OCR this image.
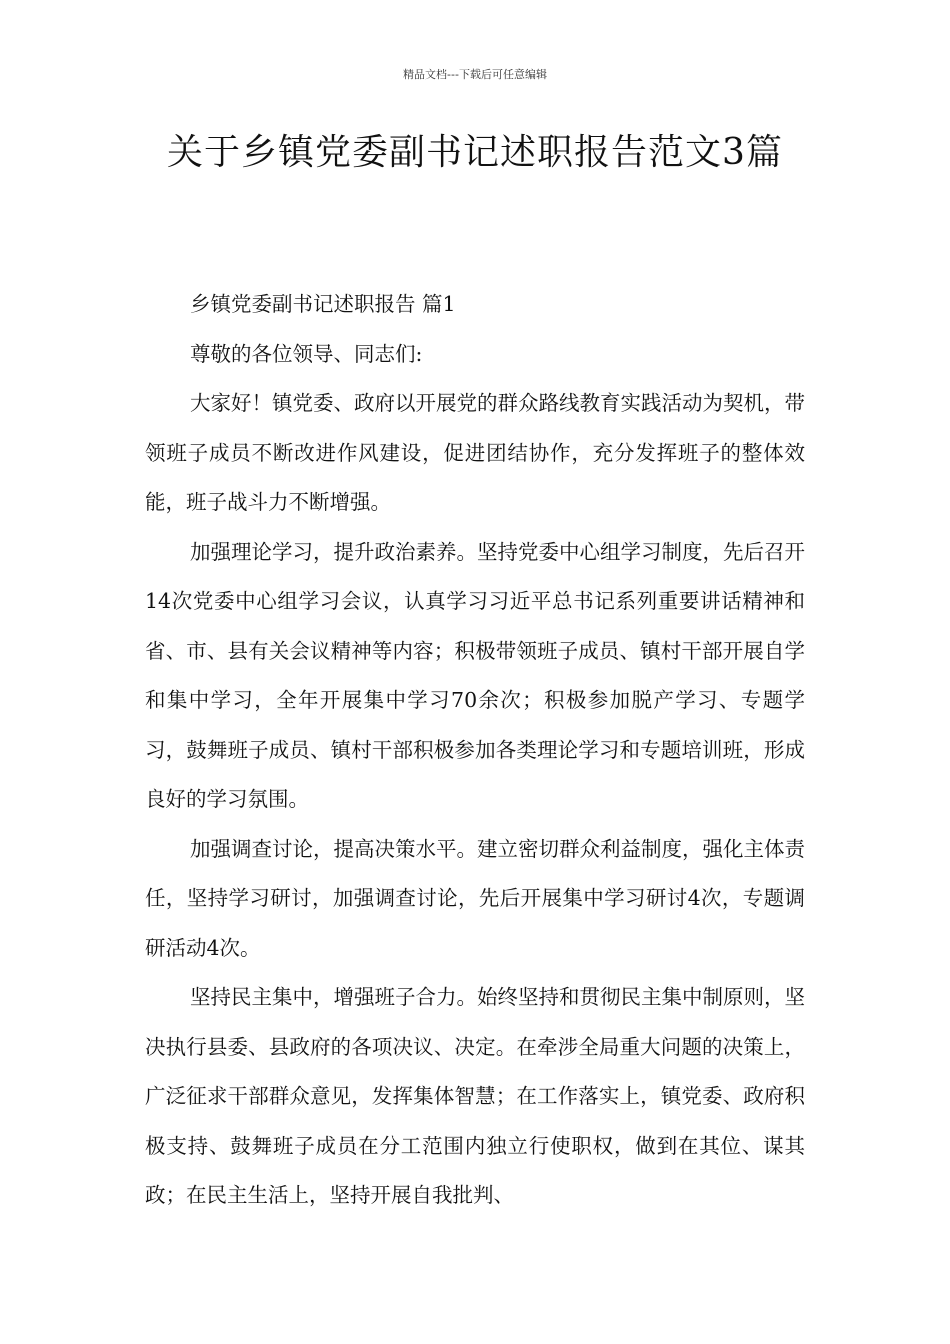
精品文档---下载后可任意编辑
关于乡镇党委副书记述职报告范文3篇

乡镇党委副书记述职报告 篇1

尊敬的各位领导、同志们:

大家好！镇党委、政府以开展党的群众路线教育实践活动为契机，带领班子成员不断改进作风建设，促进团结协作，充分发挥班子的整体效能，班子战斗力不断增强。

加强理论学习，提升政治素养。坚持党委中心组学习制度，先后召开14次党委中心组学习会议，认真学习习近平总书记系列重要讲话精神和省、市、县有关会议精神等内容；积极带领班子成员、镇村干部开展自学和集中学习，全年开展集中学习70余次；积极参加脱产学习、专题学习，鼓舞班子成员、镇村干部积极参加各类理论学习和专题培训班，形成良好的学习氛围。

加强调查讨论，提高决策水平。建立密切群众利益制度，强化主体责任，坚持学习研讨，加强调查讨论，先后开展集中学习研讨4次，专题调研活动4次。

坚持民主集中，增强班子合力。始终坚持和贯彻民主集中制原则，坚决执行县委、县政府的各项决议、决定。在牵涉全局重大问题的决策上，广泛征求干部群众意见，发挥集体智慧；在工作落实上，镇党委、政府积极支持、鼓舞班子成员在分工范围内独立行使职权，做到在其位、谋其政；在民主生活上，坚持开展自我批判、
